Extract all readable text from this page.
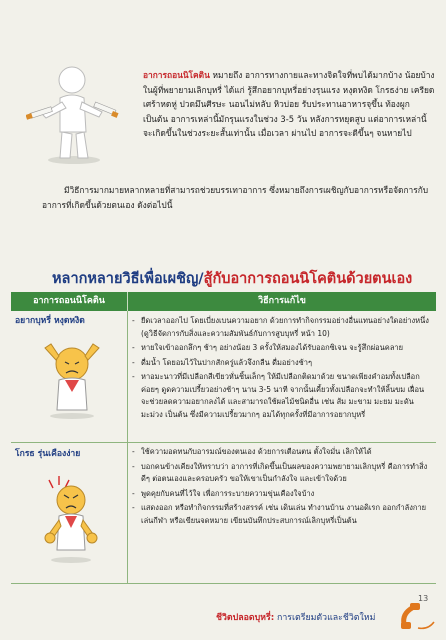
อาการถอนนิโคติน หมายถึง อาการทางกายและทางจิตใจที่พบได้มากบ้าง น้อยบ้าง ในผู้ที่พยายามเลิกบุหรี่ ได้แก่ รู้สึกอยากบุหรี่อย่างรุนแรง หงุดหงิด โกรธง่าย เครียด เศร้าหดหู่ ปวดมึนศีรษะ นอนไม่หลับ หิวบ่อย รับประทานอาหารจุขึ้น ท้องผูก เป็นต้น อาการเหล่านี้มักรุนแรงในช่วง 3-5 วัน หลังการหยุดสูบ แต่อาการเหล่านี้จะเกิดขึ้นในช่วงระยะสั้นเท่านั้น เมื่อเวลา ผ่านไป อาการจะดีขึ้นๆ จนหายไป
มีวิธีการมากมายหลากหลายที่สามารถช่วยบรรเทาอาการ ซึ่งหมายถึงการเผชิญกับอาการหรือจัดการกับอาการที่เกิดขึ้นด้วยตนเอง ดังต่อไปนี้
หลากหลายวิธีเพื่อเผชิญ/สู้กับอาการถอนนิโคตินด้วยตนเอง
อาการถอนนิโคติน	วิธีการแก้ไข
อยากบุหรี่ หงุดหงิด	- ยืดเวลาออกไป โดยเบี่ยงเบนความอยาก ด้วยการทำกิจกรรมอย่างอื่นแทนอย่างใดอย่างหนึ่ง (ดูวิธีจัดการกับสิ่งและความสัมพันธ์กับการสูบบุหรี่ หน้า 10)
- หายใจเข้าออกลึกๆ ช้าๆ อย่างน้อย 3 ครั้งให้สมองได้รับออกซิเจน จะรู้สึกผ่อนคลาย
- ดื่มน้ำ โดยอมไว้ในปากสักครู่แล้วจึงกลืน ดื่มอย่างช้าๆ
- หาอมะนาวที่มีเปลือกสีเขียวหั่นชิ้นเล็กๆ ให้มีเปลือกติดมาด้วย ขนาดเพียงคำอมทั้งเปลือก ค่อยๆ ดูดความเปรี้ยวอย่างช้าๆ นาน 3-5 นาที จากนั้นเคี้ยวทั้งเปลือกจะทำให้ลิ้นขม เฝื่อน จะช่วยลดความอยากลงได้ และสามารถใช้ผลไม้ชนิดอื่น เช่น ส้ม มะขาม มะยม มะดัน มะม่วง เป็นต้น ซึ่งมีความเปรี้ยวมากๆ อมได้ทุกครั้งที่มีอาการอยากบุหรี่
โกรธ รุ่นเคืองง่าย	- ใช้ความอดทนกับอารมณ์ของตนเอง ด้วยการเตือนตน ตั้งใจมั่น เลิกให้ได้
- บอกคนข้างเคียงให้ทราบว่า อาการที่เกิดขึ้นเป็นผลของความพยายามเลิกบุหรี่ คือการทำสิ่งดีๆ ต่อตนเองและครอบครัว ขอให้เขาเป็นกำลังใจ และเข้าใจด้วย
- พูดคุยกับคนที่ไว้ใจ เพื่อการระบายความขุ่นเคืองใจบ้าง
- แสดงออก หรือทำกิจกรรมที่สร้างสรรค์ เช่น เดินเล่น ทำงานบ้าน งานอดิเรก ออกกำลังกาย เล่นกีฬา หรือเขียนจดหมาย เขียนบันทึกประสบการณ์เลิกบุหรี่เป็นต้น
13
ชีวิตปลอดบุหรี่: การเตรียมตัวและชีวิตใหม่
